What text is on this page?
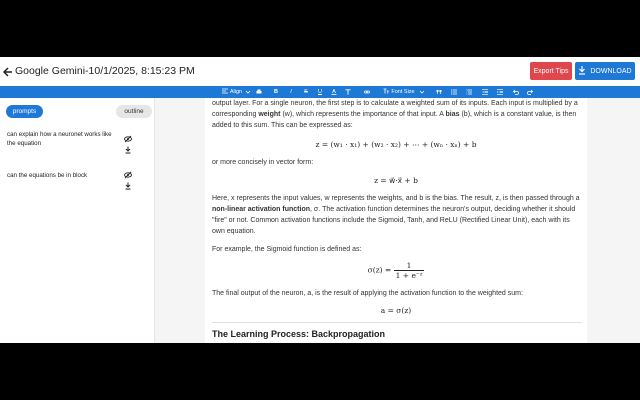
Google Gemini-10/1/2025, 8:15:23 PM	Export Tips	DOWNLOAD
Align	B	I	S	U	Font Size
prompts	outline
can explain how a neuronet works like the equation
can the equations be in block
output layer. For a single neuron, the first step is to calculate a weighted sum of its inputs. Each input is multiplied by a corresponding weight (w), which represents the importance of that input. A bias (b), which is a constant value, is then added to this sum. This can be expressed as:
z = (w₁ · x₁) + (w₂ · x₂) + ⋯ + (wₙ · xₙ) + b
or more concisely in vector form:
z = w⃗·x⃗ + b
Here, x represents the input values, w represents the weights, and b is the bias. The result, z, is then passed through a non-linear activation function, σ. The activation function determines the neuron's output, deciding whether it should "fire" or not. Common activation functions include the Sigmoid, Tanh, and ReLU (Rectified Linear Unit), each with its own equation.
For example, the Sigmoid function is defined as:
$\sigma(z) = \frac{1}{\text{1 + e⁻ᶻ}}$
The final output of the neuron, a, is the result of applying the activation function to the weighted sum:
a = σ(z)
The Learning Process: Backpropagation
